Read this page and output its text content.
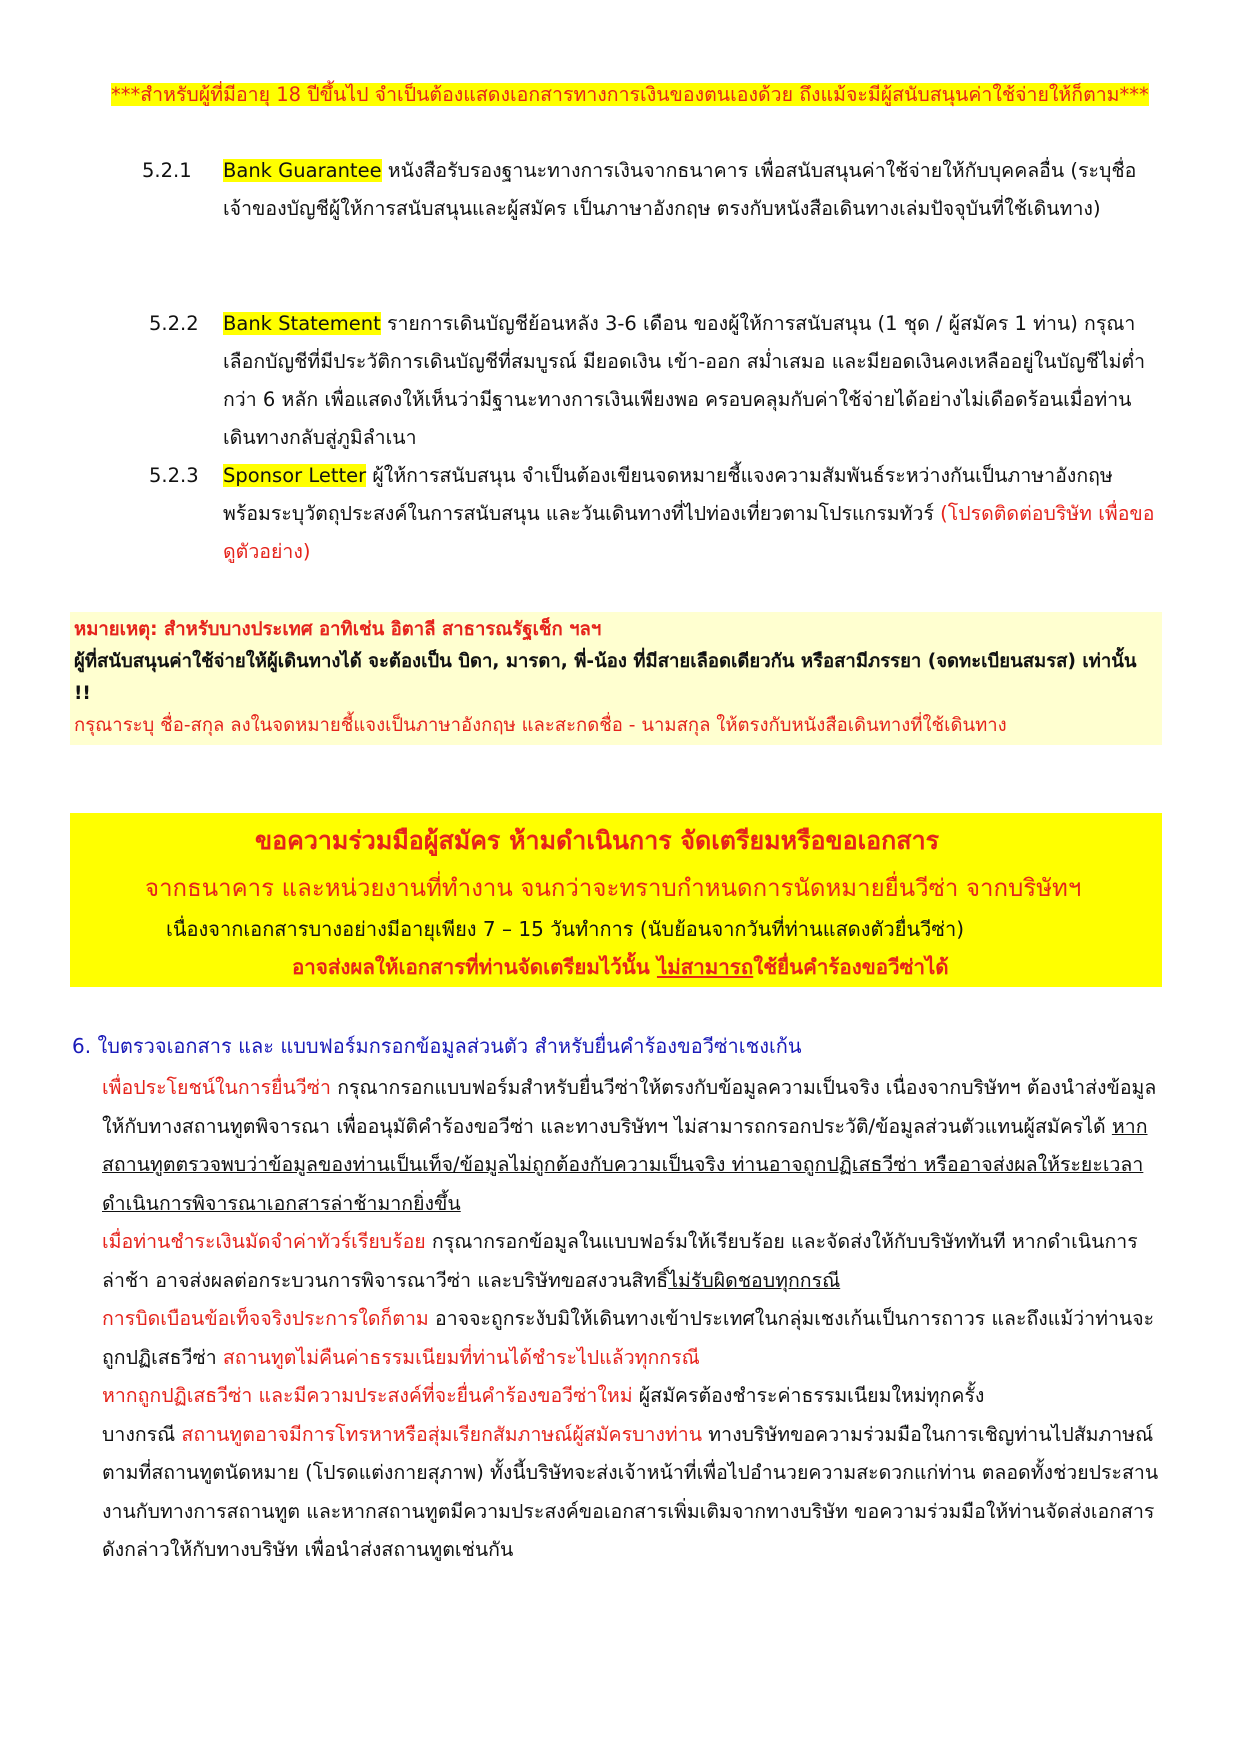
***สำหรับผู้ที่มีอายุ 18 ปีขึ้นไป จำเป็นต้องแสดงเอกสารทางการเงินของตนเองด้วย ถึงแม้จะมีผู้สนับสนุนค่าใช้จ่ายให้ก็ตาม***
5.2.1	Bank Guarantee หนังสือรับรองฐานะทางการเงินจากธนาคาร เพื่อสนับสนุนค่าใช้จ่ายให้กับบุคคลอื่น (ระบุชื่อเจ้าของบัญชีผู้ให้การสนับสนุนและผู้สมัคร เป็นภาษาอังกฤษ ตรงกับหนังสือเดินทางเล่มปัจจุบันที่ใช้เดินทาง)
5.2.2	Bank Statement รายการเดินบัญชีย้อนหลัง 3-6 เดือน ของผู้ให้การสนับสนุน (1 ชุด / ผู้สมัคร 1 ท่าน) กรุณาเลือกบัญชีที่มีประวัติการเดินบัญชีที่สมบูรณ์ มียอดเงิน เข้า-ออก สม่ำเสมอ และมียอดเงินคงเหลืออยู่ในบัญชีไม่ต่ำกว่า 6 หลัก เพื่อแสดงให้เห็นว่ามีฐานะทางการเงินเพียงพอ ครอบคลุมกับค่าใช้จ่ายได้อย่างไม่เดือดร้อนเมื่อท่านเดินทางกลับสู่ภูมิลำเนา
5.2.3	Sponsor Letter ผู้ให้การสนับสนุน จำเป็นต้องเขียนจดหมายชี้แจงความสัมพันธ์ระหว่างกันเป็นภาษาอังกฤษ พร้อมระบุวัตถุประสงค์ในการสนับสนุน และวันเดินทางที่ไปท่องเที่ยวตามโปรแกรมทัวร์ (โปรดติดต่อบริษัท เพื่อขอดูตัวอย่าง)
หมายเหตุ: สำหรับบางประเทศ อาทิเช่น อิตาลี สาธารณรัฐเช็ก ฯลฯ
ผู้ที่สนับสนุนค่าใช้จ่ายให้ผู้เดินทางได้ จะต้องเป็น บิดา, มารดา, พี่-น้อง ที่มีสายเลือดเดียวกัน หรือสามีภรรยา (จดทะเบียนสมรส) เท่านั้น !!
กรุณาระบุ ชื่อ-สกุล ลงในจดหมายชี้แจงเป็นภาษาอังกฤษ และสะกดชื่อ - นามสกุล ให้ตรงกับหนังสือเดินทางที่ใช้เดินทาง
ขอความร่วมมือผู้สมัคร ห้ามดำเนินการ จัดเตรียมหรือขอเอกสาร
จากธนาคาร และหน่วยงานที่ทำงาน จนกว่าจะทราบกำหนดการนัดหมายยื่นวีซ่า จากบริษัทฯ
เนื่องจากเอกสารบางอย่างมีอายุเพียง 7 – 15 วันทำการ (นับย้อนจากวันที่ท่านแสดงตัวยื่นวีซ่า)
อาจส่งผลให้เอกสารที่ท่านจัดเตรียมไว้นั้น ไม่สามารถใช้ยื่นคำร้องขอวีซ่าได้
6. ใบตรวจเอกสาร และ แบบฟอร์มกรอกข้อมูลส่วนตัว สำหรับยื่นคำร้องขอวีซ่าเชงเก้น

เพื่อประโยชน์ในการยื่นวีซ่า กรุณากรอกแบบฟอร์มสำหรับยื่นวีซ่าให้ตรงกับข้อมูลความเป็นจริง เนื่องจากบริษัทฯ ต้องนำส่งข้อมูลให้กับทางสถานทูตพิจารณา เพื่ออนุมัติคำร้องขอวีซ่า และทางบริษัทฯ ไม่สามารถกรอกประวัติ/ข้อมูลส่วนตัวแทนผู้สมัครได้ หากสถานทูตตรวจพบว่าข้อมูลของท่านเป็นเท็จ/ข้อมูลไม่ถูกต้องกับความเป็นจริง ท่านอาจถูกปฏิเสธวีซ่า หรืออาจส่งผลให้ระยะเวลาดำเนินการพิจารณาเอกสารล่าช้ามากยิ่งขึ้น

เมื่อท่านชำระเงินมัดจำค่าทัวร์เรียบร้อย กรุณากรอกข้อมูลในแบบฟอร์มให้เรียบร้อย และจัดส่งให้กับบริษัททันที หากดำเนินการล่าช้า อาจส่งผลต่อกระบวนการพิจารณาวีซ่า และบริษัทขอสงวนสิทธิ์ไม่รับผิดชอบทุกกรณี

การบิดเบือนข้อเท็จจริงประการใดก็ตาม อาจจะถูกระงับมิให้เดินทางเข้าประเทศในกลุ่มเชงเก้นเป็นการถาวร และถึงแม้ว่าท่านจะถูกปฏิเสธวีซ่า สถานทูตไม่คืนค่าธรรมเนียมที่ท่านได้ชำระไปแล้วทุกกรณี

หากถูกปฏิเสธวีซ่า และมีความประสงค์ที่จะยื่นคำร้องขอวีซ่าใหม่ ผู้สมัครต้องชำระค่าธรรมเนียมใหม่ทุกครั้ง

บางกรณี สถานทูตอาจมีการโทรหาหรือสุ่มเรียกสัมภาษณ์ผู้สมัครบางท่าน ทางบริษัทขอความร่วมมือในการเชิญท่านไปสัมภาษณ์ตามที่สถานทูตนัดหมาย (โปรดแต่งกายสุภาพ) ทั้งนี้บริษัทจะส่งเจ้าหน้าที่เพื่อไปอำนวยความสะดวกแก่ท่าน ตลอดทั้งช่วยประสานงานกับทางการสถานทูต และหากสถานทูตมีความประสงค์ขอเอกสารเพิ่มเติมจากทางบริษัท ขอความร่วมมือให้ท่านจัดส่งเอกสารดังกล่าวให้กับทางบริษัท เพื่อนำส่งสถานทูตเช่นกัน
